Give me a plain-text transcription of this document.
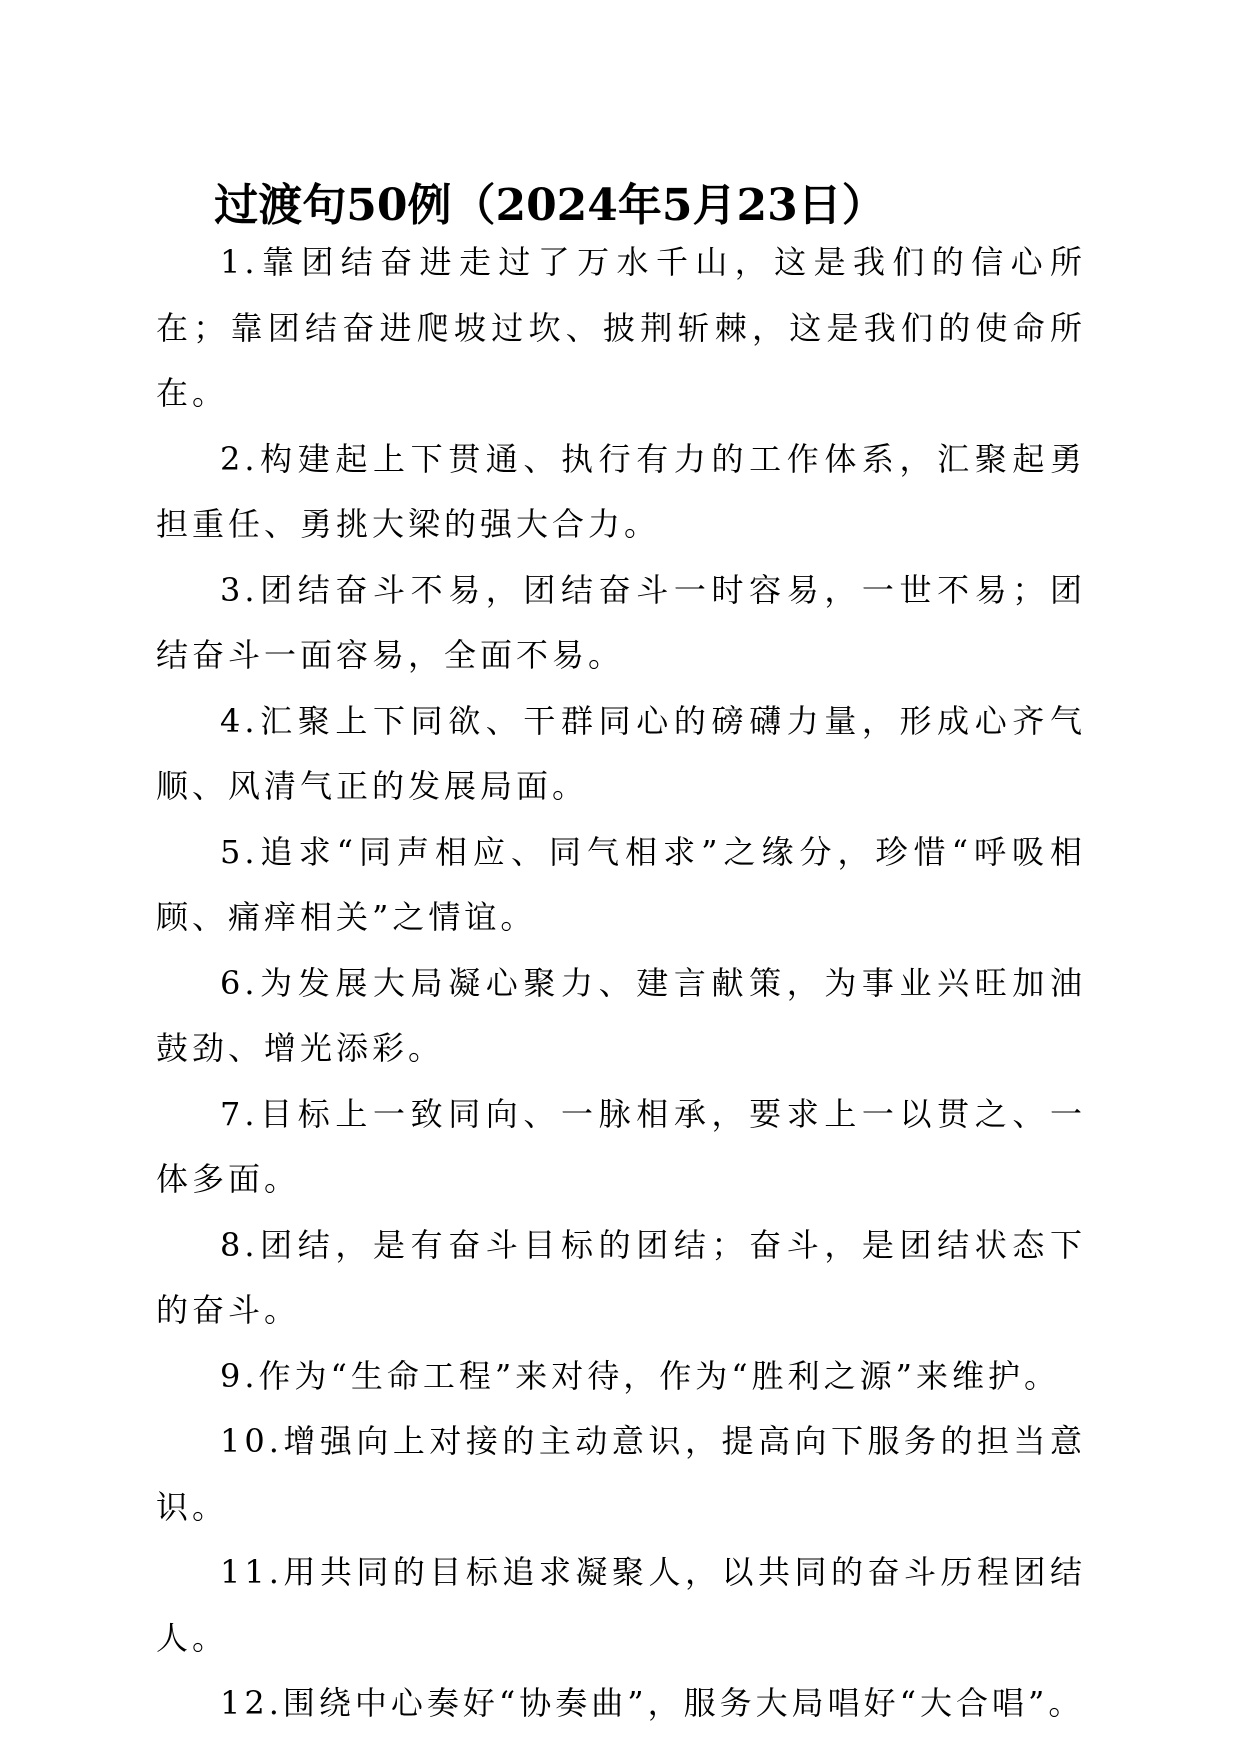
过渡句50例（2024年5月23日）

1.靠团结奋进走过了万水千山，这是我们的信心所在；靠团结奋进爬坡过坎、披荆斩棘，这是我们的使命所在。

2.构建起上下贯通、执行有力的工作体系，汇聚起勇担重任、勇挑大梁的强大合力。

3.团结奋斗不易，团结奋斗一时容易，一世不易；团结奋斗一面容易，全面不易。

4.汇聚上下同欲、干群同心的磅礴力量，形成心齐气顺、风清气正的发展局面。

5.追求“同声相应、同气相求”之缘分，珍惜“呼吸相顾、痛痒相关”之情谊。

6.为发展大局凝心聚力、建言献策，为事业兴旺加油鼓劲、增光添彩。

7.目标上一致同向、一脉相承，要求上一以贯之、一体多面。

8.团结，是有奋斗目标的团结；奋斗，是团结状态下的奋斗。

9.作为“生命工程”来对待，作为“胜利之源”来维护。

10.增强向上对接的主动意识，提高向下服务的担当意识。

11.用共同的目标追求凝聚人，以共同的奋斗历程团结人。

12.围绕中心奏好“协奏曲”，服务大局唱好“大合唱”。
